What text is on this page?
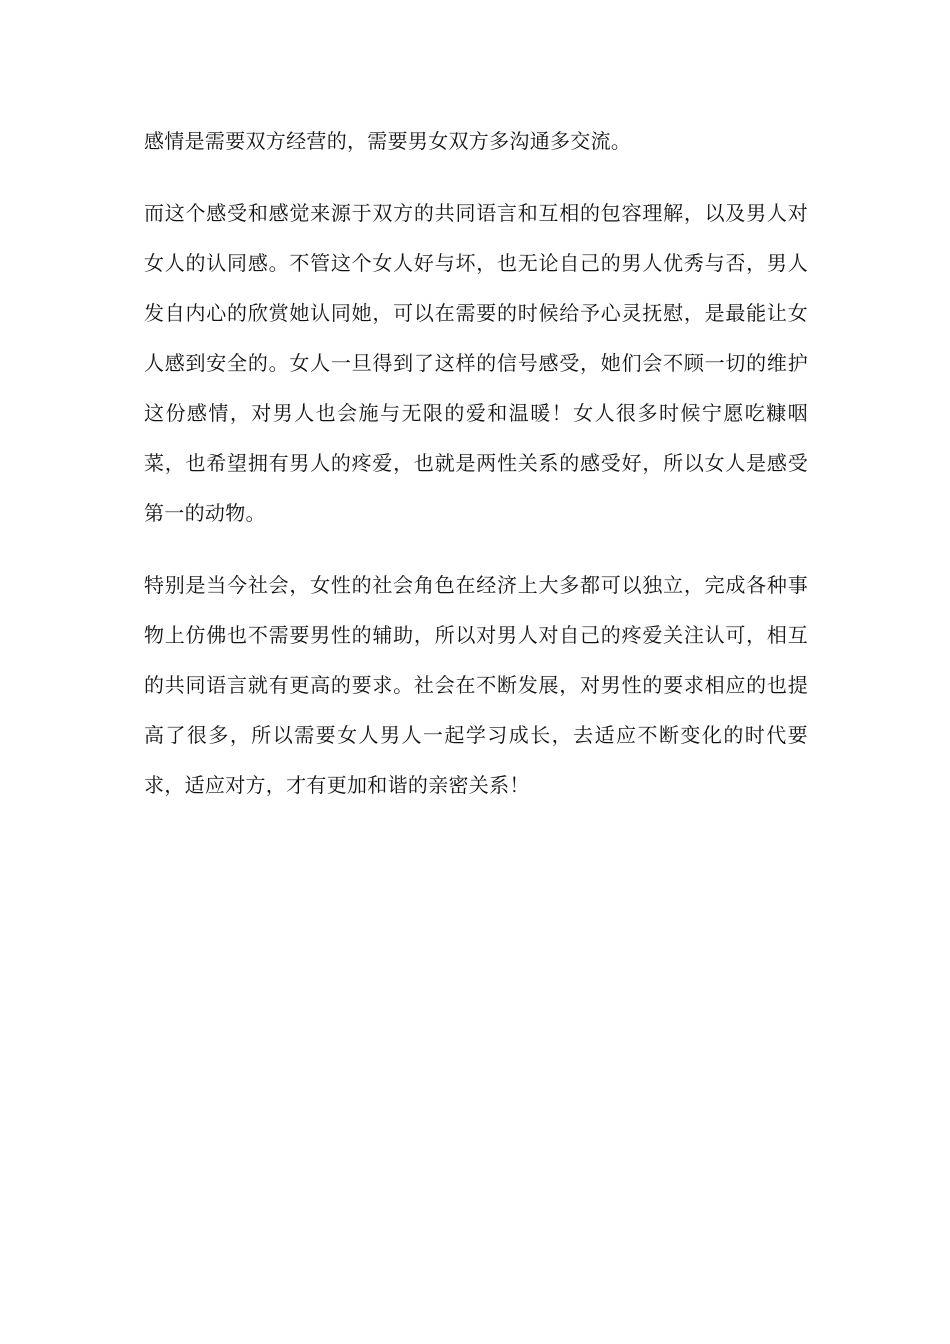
感情是需要双方经营的，需要男女双方多沟通多交流。

而这个感受和感觉来源于双方的共同语言和互相的包容理解，以及男人对女人的认同感。不管这个女人好与坏，也无论自己的男人优秀与否，男人发自内心的欣赏她认同她，可以在需要的时候给予心灵抚慰，是最能让女人感到安全的。女人一旦得到了这样的信号感受，她们会不顾一切的维护这份感情，对男人也会施与无限的爱和温暖！女人很多时候宁愿吃糠咽菜，也希望拥有男人的疼爱，也就是两性关系的感受好，所以女人是感受第一的动物。

特别是当今社会，女性的社会角色在经济上大多都可以独立，完成各种事物上仿佛也不需要男性的辅助，所以对男人对自己的疼爱关注认可，相互的共同语言就有更高的要求。社会在不断发展，对男性的要求相应的也提高了很多，所以需要女人男人一起学习成长，去适应不断变化的时代要求，适应对方，才有更加和谐的亲密关系！
